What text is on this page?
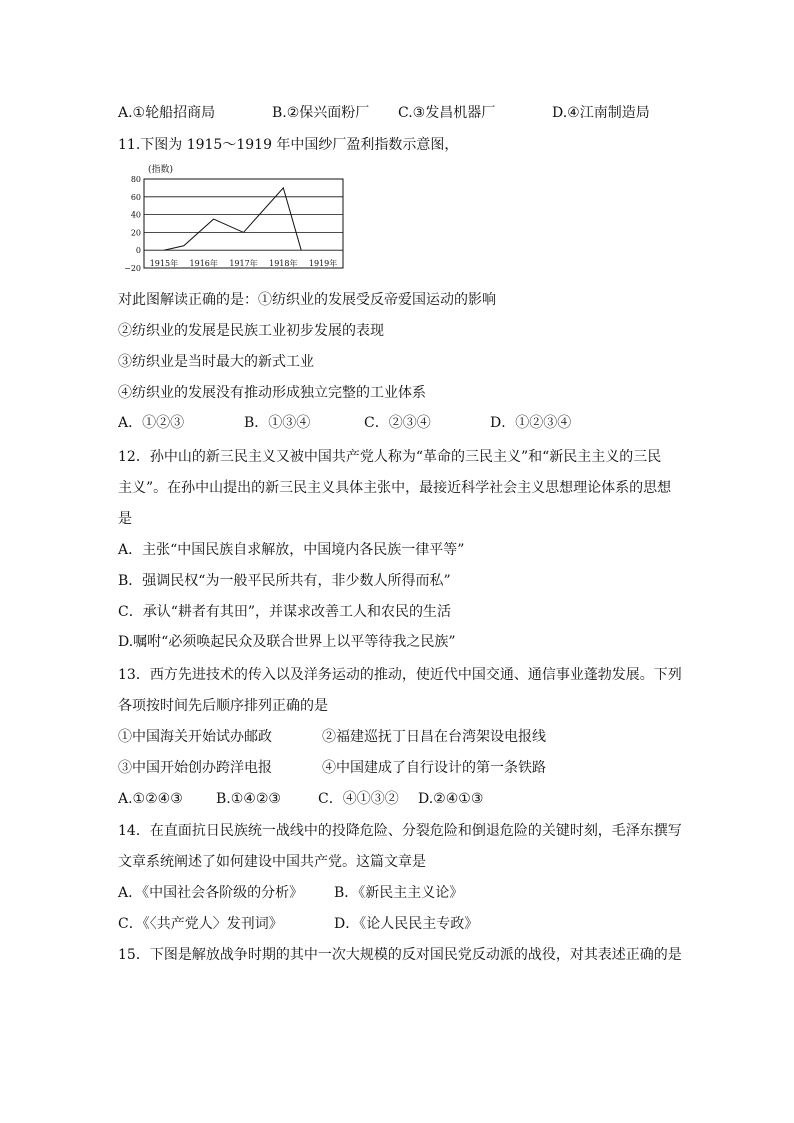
A.①轮船招商局	B.②保兴面粉厂 C.③发昌机器厂	D.④江南制造局
11.下图为 1915～1919 年中国纱厂盈利指数示意图，
(指数)
80
60
40
20
0
−20
1915年 1916年 1917年 1918年 1919年
对此图解读正确的是：①纺织业的发展受反帝爱国运动的影响
②纺织业的发展是民族工业初步发展的表现
③纺织业是当时最大的新式工业
④纺织业的发展没有推动形成独立完整的工业体系
A．①②③	B．①③④	C．②③④	D．①②③④
12．孙中山的新三民主义又被中国共产党人称为“革命的三民主义”和“新民主主义的三民
主义”。在孙中山提出的新三民主义具体主张中，最接近科学社会主义思想理论体系的思想
是
A．主张“中国民族自求解放，中国境内各民族一律平等”
B．强调民权“为一般平民所共有，非少数人所得而私”
C．承认“耕者有其田”，并谋求改善工人和农民的生活
D.嘱咐“必须唤起民众及联合世界上以平等待我之民族”
13．西方先进技术的传入以及洋务运动的推动，使近代中国交通、通信事业蓬勃发展。下列
各项按时间先后顺序排列正确的是
①中国海关开始试办邮政	②福建巡抚丁日昌在台湾架设电报线
③中国开始创办跨洋电报	④中国建成了自行设计的第一条铁路
A.①②④③ B.①④②③	C．④①③② D.②④①③
14．在直面抗日民族统一战线中的投降危险、分裂危险和倒退危险的关键时刻，毛泽东撰写
文章系统阐述了如何建设中国共产党。这篇文章是
A．《中国社会各阶级的分析》 B．《新民主主义论》
C．《〈共产党人〉发刊词》	D．《论人民民主专政》
15．下图是解放战争时期的其中一次大规模的反对国民党反动派的战役，对其表述正确的是
